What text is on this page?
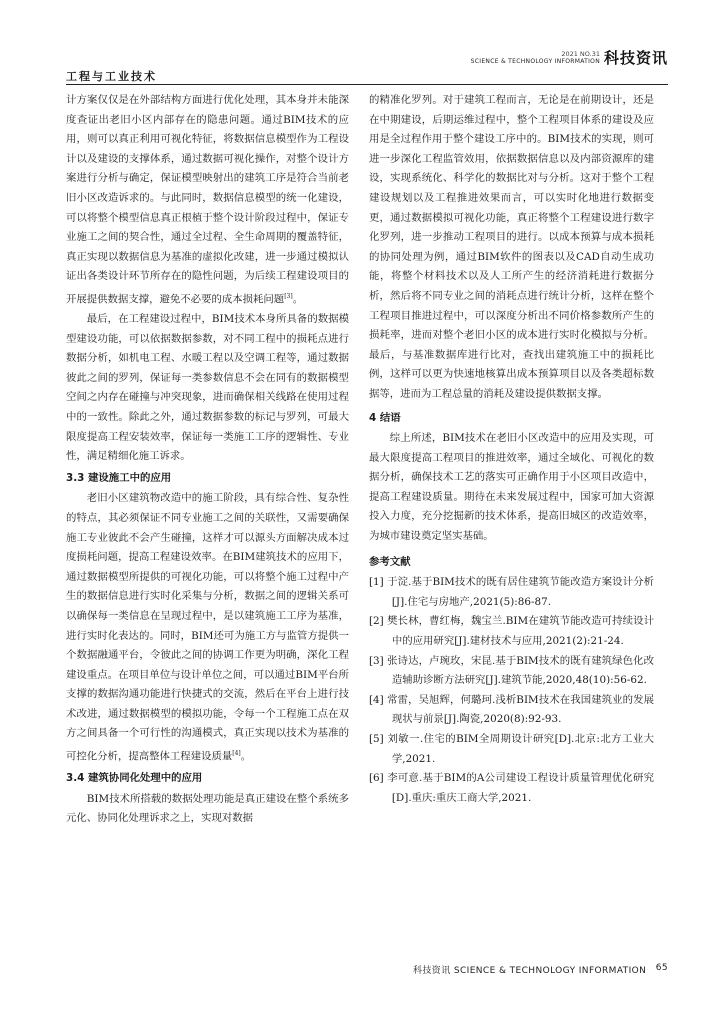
工程与工业技术
2021 NO.31
SCIENCE & TECHNOLOGY INFORMATION 科技资讯

计方案仅仅是在外部结构方面进行优化处理，其本身并未能深度查证出老旧小区内部存在的隐患问题。通过BIM技术的应用，则可以真正利用可视化特征，将数据信息模型作为工程设计以及建设的支撑体系，通过数据可视化操作，对整个设计方案进行分析与确定，保证模型映射出的建筑工序是符合当前老旧小区改造诉求的。与此同时，数据信息模型的统一化建设，可以将整个模型信息真正根植于整个设计阶段过程中，保证专业施工之间的契合性，通过全过程、全生命周期的覆盖特征，真正实现以数据信息为基准的虚拟化改建，进一步通过模拟认证出各类设计环节所存在的隐性问题，为后续工程建设项目的开展提供数据支撑，避免不必要的成本损耗问题[3]。

最后，在工程建设过程中，BIM技术本身所具备的数据模型建设功能，可以依据数据参数，对不同工程中的损耗点进行数据分析，如机电工程、水暖工程以及空调工程等，通过数据彼此之间的罗列，保证每一类参数信息不会在同有的数据模型空间之内存在碰撞与冲突现象，进而确保相关线路在使用过程中的一致性。除此之外，通过数据参数的标记与罗列，可最大限度提高工程安装效率，保证每一类施工工序的逻辑性、专业性，满足精细化施工诉求。

3.3 建设施工中的应用

老旧小区建筑物改造中的施工阶段，具有综合性、复杂性的特点，其必须保证不同专业施工之间的关联性，又需要确保施工专业彼此不会产生碰撞，这样才可以源头方面解决成本过度损耗问题，提高工程建设效率。在BIM建筑技术的应用下，通过数据模型所提供的可视化功能，可以将整个施工过程中产生的数据信息进行实时化采集与分析，数据之间的逻辑关系可以确保每一类信息在呈现过程中，是以建筑施工工序为基准，进行实时化表达的。同时，BIM还可为施工方与监管方提供一个数据融通平台，令彼此之间的协调工作更为明确，深化工程建设重点。在项目单位与设计单位之间，可以通过BIM平台所支撑的数据沟通功能进行快捷式的交流，然后在平台上进行技术改进，通过数据模型的模拟功能，令每一个工程施工点在双方之间具备一个可行性的沟通模式，真正实现以技术为基准的可控化分析，提高整体工程建设质量[4]。

3.4 建筑协同化处理中的应用

BIM技术所搭载的数据处理功能是真正建设在整个系统多元化、协同化处理诉求之上，实现对数据

的精准化罗列。对于建筑工程而言，无论是在前期设计，还是在中期建设，后期运维过程中，整个工程项目体系的建设及应用是全过程作用于整个建设工序中的。BIM技术的实现，则可进一步深化工程监管效用，依据数据信息以及内部资源库的建设，实现系统化、科学化的数据比对与分析。这对于整个工程建设规划以及工程推进效果而言，可以实时化地进行数据变更，通过数据模拟可视化功能，真正将整个工程建设进行数字化罗列，进一步推动工程项目的进行。以成本预算与成本损耗的协同处理为例，通过BIM软件的图表以及CAD自动生成功能，将整个材料技术以及人工所产生的经济消耗进行数据分析，然后将不同专业之间的消耗点进行统计分析，这样在整个工程项目推进过程中，可以深度分析出不同价格参数所产生的损耗率，进而对整个老旧小区的成本进行实时化模拟与分析。最后，与基准数据库进行比对，查找出建筑施工中的损耗比例，这样可以更为快速地核算出成本预算项目以及各类超标数据等，进而为工程总量的消耗及建设提供数据支撑。

4 结语

综上所述，BIM技术在老旧小区改造中的应用及实现，可最大限度提高工程项目的推进效率，通过全域化、可视化的数据分析，确保技术工艺的落实可正确作用于小区项目改造中，提高工程建设质量。期待在未来发展过程中，国家可加大资源投入力度，充分挖掘新的技术体系，提高旧城区的改造效率，为城市建设奠定坚实基础。

参考文献

[1] 于淀.基于BIM技术的既有居住建筑节能改造方案设计分析[J].住宅与房地产,2021(5):86-87.

[2] 樊长林，曹红梅，魏宝兰.BIM在建筑节能改造可持续设计中的应用研究[J].建材技术与应用,2021(2):21-24.

[3] 张诗达，卢琬玫，宋昆.基于BIM技术的既有建筑绿色化改造辅助诊断方法研究[J].建筑节能,2020,48(10):56-62.

[4] 常雷，吴旭辉，何璐珂.浅析BIM技术在我国建筑业的发展现状与前景[J].陶瓷,2020(8):92-93.

[5] 刘敏一.住宅的BIM全周期设计研究[D].北京:北方工业大学,2021.

[6] 李可意.基于BIM的A公司建设工程设计质量管理优化研究[D].重庆:重庆工商大学,2021.

科技资讯 SCIENCE & TECHNOLOGY INFORMATION 65
